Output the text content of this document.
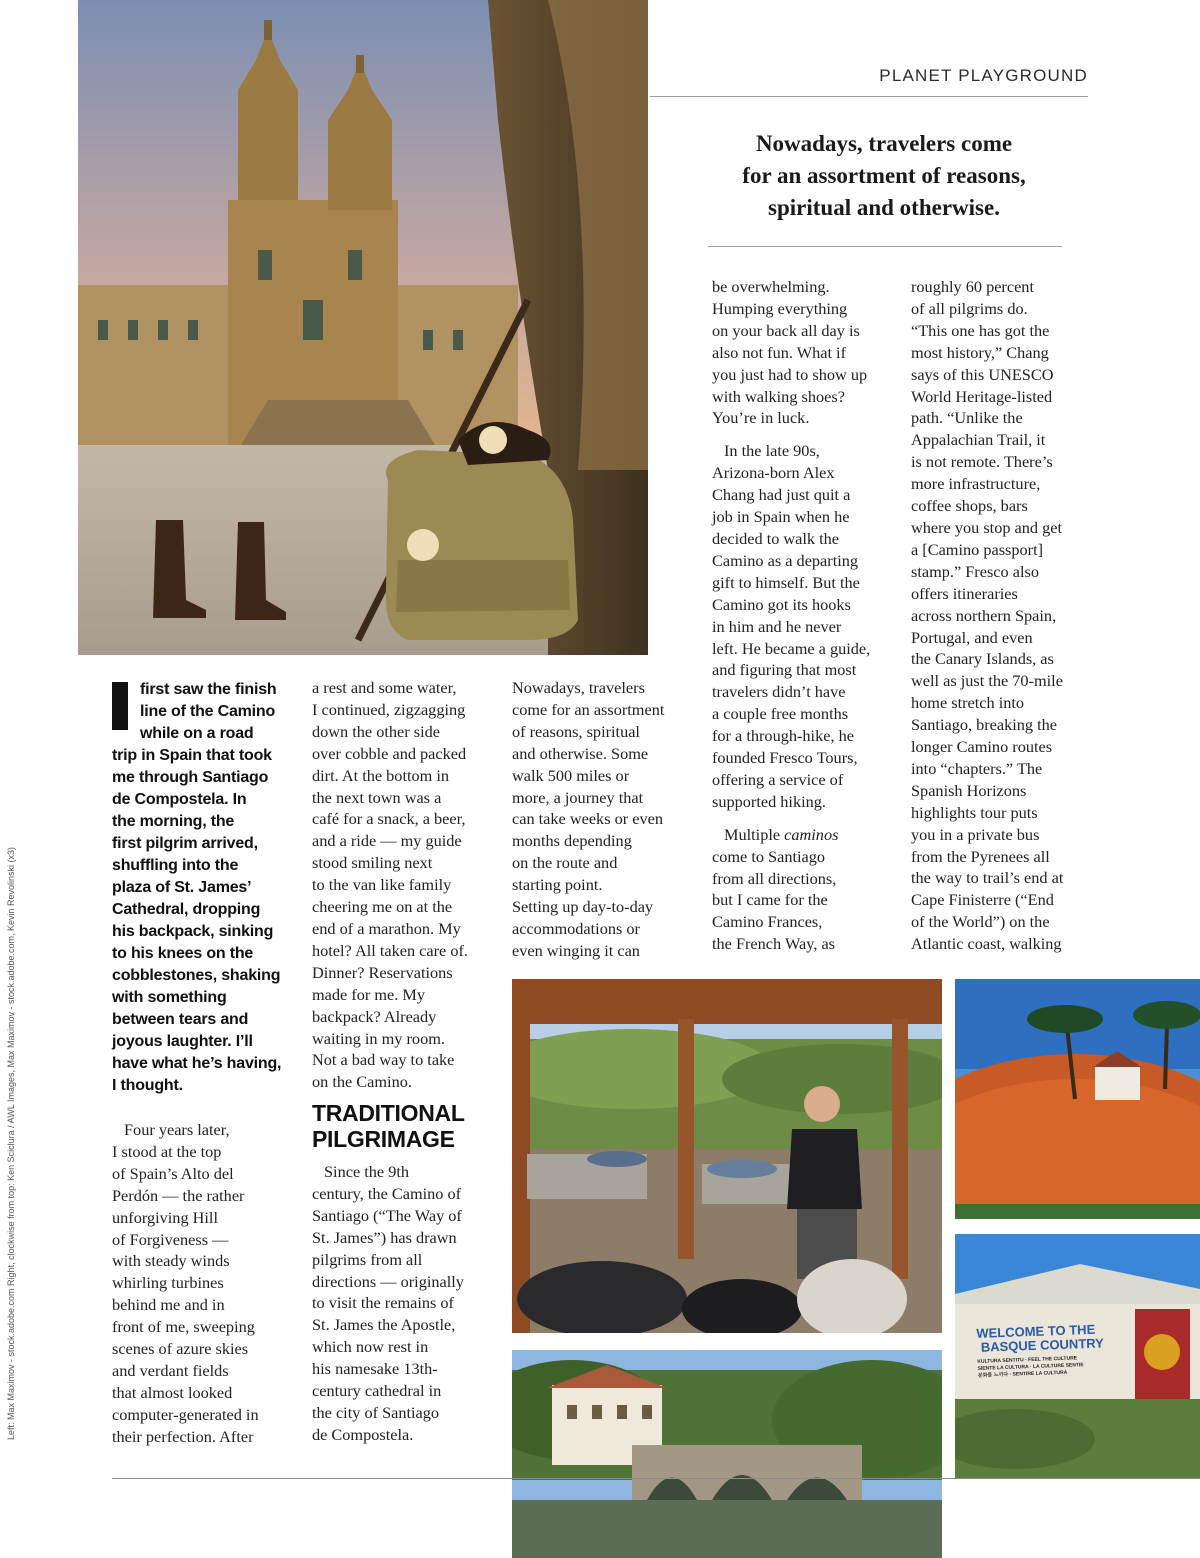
WELCOME TO THE
BASQUE COUNTRY
KULTURA SENTITU · FEEL THE CULTURE
SIENTE LA CULTURA · LA CULTURE SENTIE
문화를 느끼다 · SENTIRE LA CULTURA
PLANET PLAYGROUND
Nowadays, travelers come
for an assortment of reasons,
spiritual and otherwise.
first saw the finish
line of the Camino
while on a road
trip in Spain that took
me through Santiago
de Compostela. In
the morning, the
first pilgrim arrived,
shuffling into the
plaza of St. James’
Cathedral, dropping
his backpack, sinking
to his knees on the
cobblestones, shaking
with something
between tears and
joyous laughter. I’ll
have what he’s having,
I thought.
Four years later,
I stood at the top
of Spain’s Alto del
Perdón — the rather
unforgiving Hill
of Forgiveness —
with steady winds
whirling turbines
behind me and in
front of me, sweeping
scenes of azure skies
and verdant fields
that almost looked
computer-generated in
their perfection. After
a rest and some water,
I continued, zigzagging
down the other side
over cobble and packed
dirt. At the bottom in
the next town was a
café for a snack, a beer,
and a ride — my guide
stood smiling next
to the van like family
cheering me on at the
end of a marathon. My
hotel? All taken care of.
Dinner? Reservations
made for me. My
backpack? Already
waiting in my room.
Not a bad way to take
on the Camino.
TRADITIONAL
PILGRIMAGE
Since the 9th
century, the Camino of
Santiago (“The Way of
St. James”) has drawn
pilgrims from all
directions — originally
to visit the remains of
St. James the Apostle,
which now rest in
his namesake 13th-
century cathedral in
the city of Santiago
de Compostela.
Nowadays, travelers
come for an assortment
of reasons, spiritual
and otherwise. Some
walk 500 miles or
more, a journey that
can take weeks or even
months depending
on the route and
starting point.
Setting up day-to-day
accommodations or
even winging it can
be overwhelming.
Humping everything
on your back all day is
also not fun. What if
you just had to show up
with walking shoes?
You’re in luck.
In the late 90s,
Arizona-born Alex
Chang had just quit a
job in Spain when he
decided to walk the
Camino as a departing
gift to himself. But the
Camino got its hooks
in him and he never
left. He became a guide,
and figuring that most
travelers didn’t have
a couple free months
for a through-hike, he
founded Fresco Tours,
offering a service of
supported hiking.
Multiple caminos
come to Santiago
from all directions,
but I came for the
Camino Frances,
the French Way, as
roughly 60 percent
of all pilgrims do.
“This one has got the
most history,” Chang
says of this UNESCO
World Heritage-listed
path. “Unlike the
Appalachian Trail, it
is not remote. There’s
more infrastructure,
coffee shops, bars
where you stop and get
a [Camino passport]
stamp.” Fresco also
offers itineraries
across northern Spain,
Portugal, and even
the Canary Islands, as
well as just the 70-mile
home stretch into
Santiago, breaking the
longer Camino routes
into “chapters.” The
Spanish Horizons
highlights tour puts
you in a private bus
from the Pyrenees all
the way to trail’s end at
Cape Finisterre (“End
of the World”) on the
Atlantic coast, walking
Left: Max Maximov - stock.adobe.com Right, clockwise from top: Ken Sciclura / AWL Images, Max Maximov - stock.adobe.com, Kevin Revolinski (x3)
